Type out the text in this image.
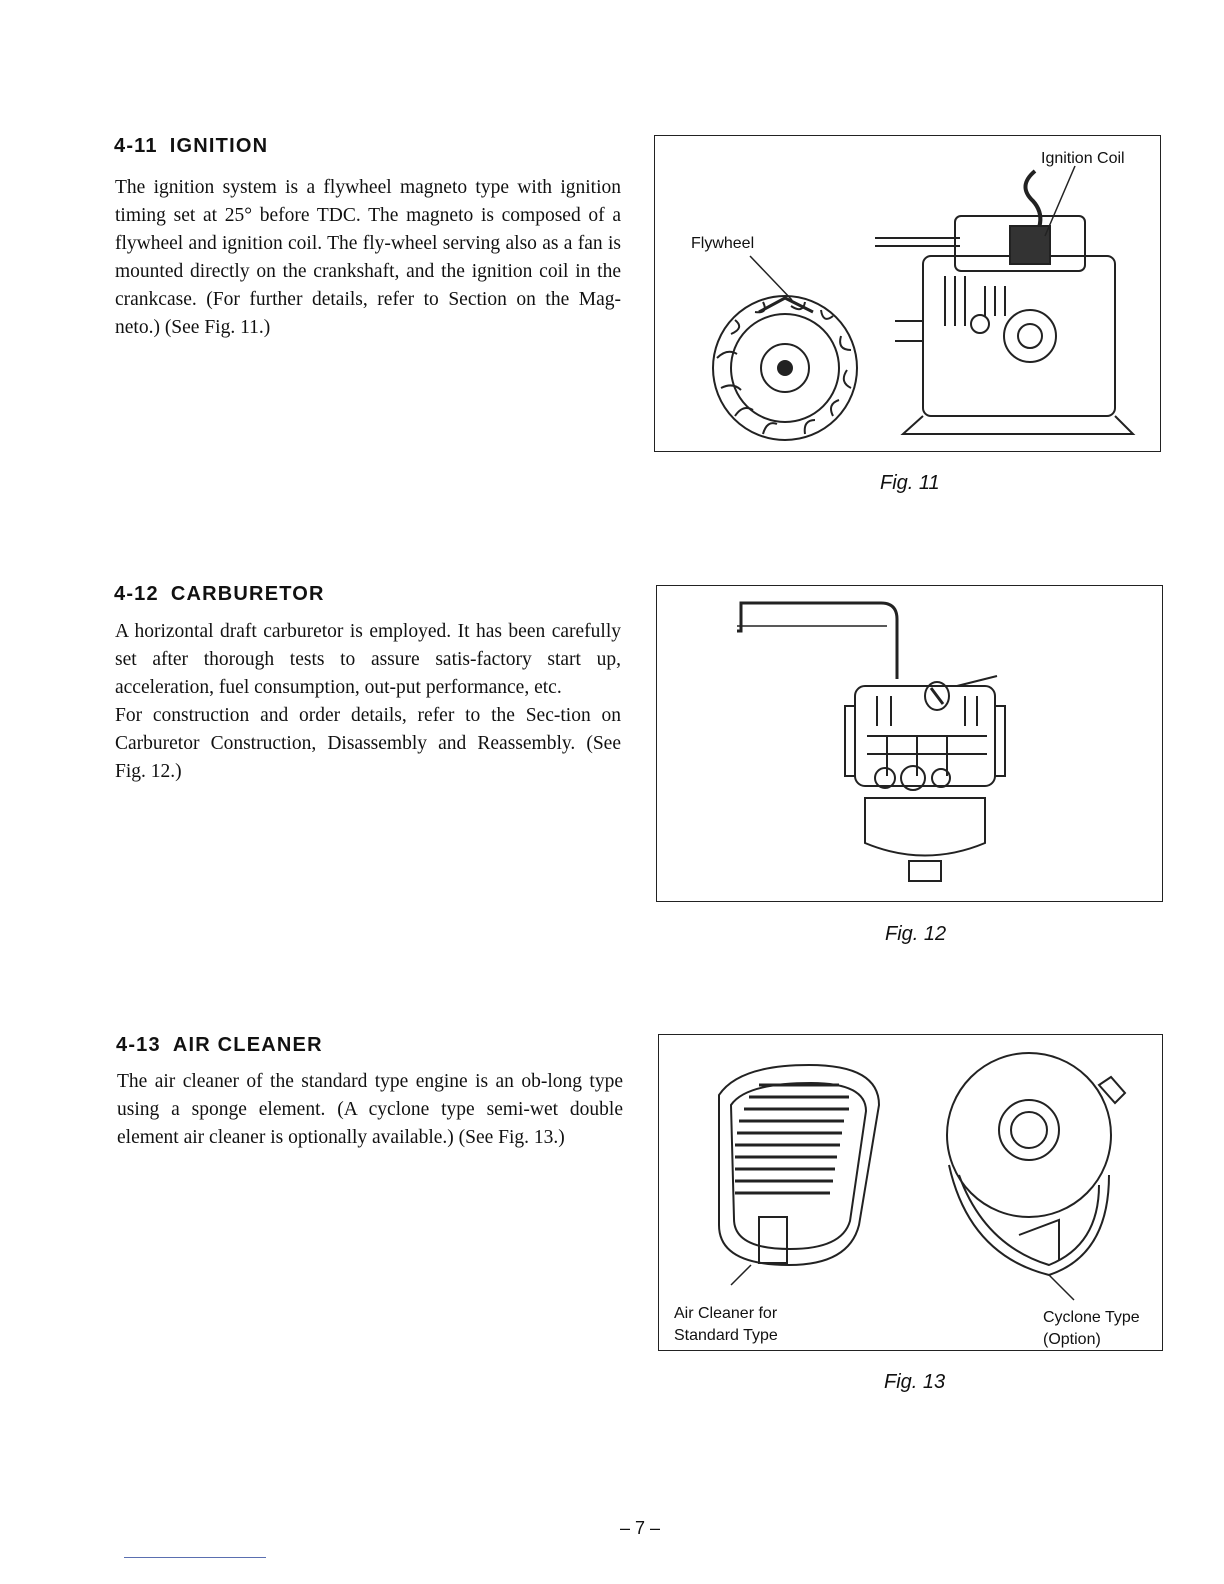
4-11 IGNITION

The ignition system is a flywheel magneto type with ignition timing set at 25° before TDC. The magneto is composed of a flywheel and ignition coil. The fly-wheel serving also as a fan is mounted directly on the crankshaft, and the ignition coil in the crankcase. (For further details, refer to Section on the Mag-neto.) (See Fig. 11.)

Ignition Coil
Flywheel
Fig. 11
4-12 CARBURETOR

A horizontal draft carburetor is employed. It has been carefully set after thorough tests to assure satis-factory start up, acceleration, fuel consumption, out-put performance, etc.

For construction and order details, refer to the Sec-tion on Carburetor Construction, Disassembly and Reassembly. (See Fig. 12.)

Fig. 12
4-13 AIR CLEANER

The air cleaner of the standard type engine is an ob-long type using a sponge element. (A cyclone type semi-wet double element air cleaner is optionally available.) (See Fig. 13.)

Air Cleaner for
Standard Type
Cyclone Type
(Option)
Fig. 13
– 7 –
